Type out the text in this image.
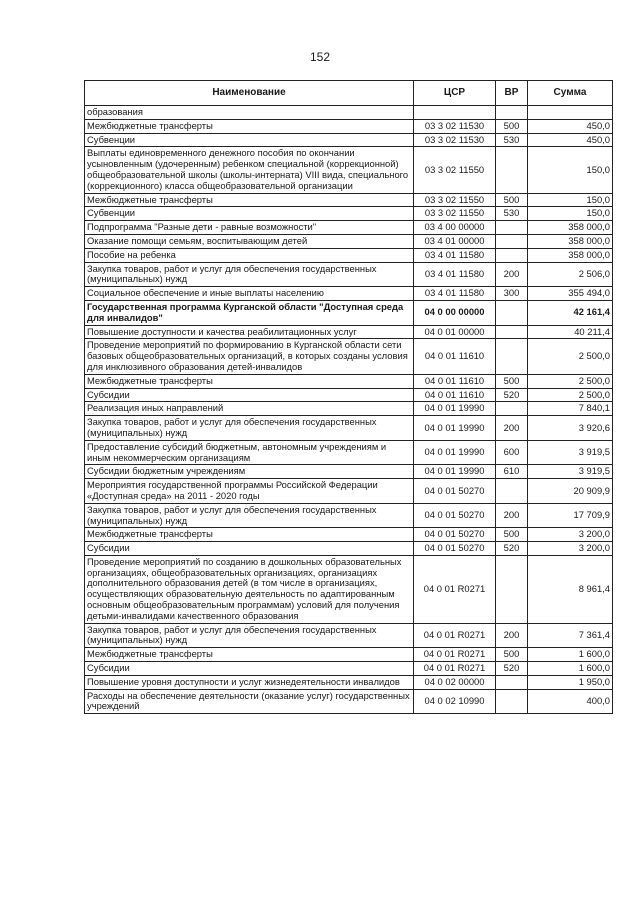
152
Наименование	ЦСР	ВР	Сумма
образования			
Межбюджетные трансферты	03 3 02 11530	500	450,0
Субвенции	03 3 02 11530	530	450,0
Выплаты единовременного денежного пособия по окончании усыновленным (удочеренным) ребенком специальной (коррекционной) общеобразовательной школы (школы-интерната) VIII вида, специального (коррекционного) класса общеобразовательной организации	03 3 02 11550		150,0
Межбюджетные трансферты	03 3 02 11550	500	150,0
Субвенции	03 3 02 11550	530	150,0
Подпрограмма "Разные дети - равные возможности"	03 4 00 00000		358 000,0
Оказание помощи семьям, воспитывающим детей	03 4 01 00000		358 000,0
Пособие на ребенка	03 4 01 11580		358 000,0
Закупка товаров, работ и услуг для обеспечения государственных (муниципальных) нужд	03 4 01 11580	200	2 506,0
Социальное обеспечение и иные выплаты населению	03 4 01 11580	300	355 494,0
Государственная программа Курганской области "Доступная среда для инвалидов"	04 0 00 00000		42 161,4
Повышение доступности и качества реабилитационных услуг	04 0 01 00000		40 211,4
Проведение мероприятий по формированию в Курганской области сети базовых общеобразовательных организаций, в которых созданы условия для инклюзивного образования детей-инвалидов	04 0 01 11610		2 500,0
Межбюджетные трансферты	04 0 01 11610	500	2 500,0
Субсидии	04 0 01 11610	520	2 500,0
Реализация иных направлений	04 0 01 19990		7 840,1
Закупка товаров, работ и услуг для обеспечения государственных (муниципальных) нужд	04 0 01 19990	200	3 920,6
Предоставление субсидий бюджетным, автономным учреждениям и иным некоммерческим организациям	04 0 01 19990	600	3 919,5
Субсидии бюджетным учреждениям	04 0 01 19990	610	3 919,5
Мероприятия государственной программы Российской Федерации «Доступная среда» на 2011 - 2020 годы	04 0 01 50270		20 909,9
Закупка товаров, работ и услуг для обеспечения государственных (муниципальных) нужд	04 0 01 50270	200	17 709,9
Межбюджетные трансферты	04 0 01 50270	500	3 200,0
Субсидии	04 0 01 50270	520	3 200,0
Проведение мероприятий по созданию в дошкольных образовательных организациях, общеобразовательных организациях, организациях дополнительного образования детей (в том числе в организациях, осуществляющих образовательную деятельность по адаптированным основным общеобразовательным программам) условий для получения детьми-инвалидами качественного образования	04 0 01 R0271		8 961,4
Закупка товаров, работ и услуг для обеспечения государственных (муниципальных) нужд	04 0 01 R0271	200	7 361,4
Межбюджетные трансферты	04 0 01 R0271	500	1 600,0
Субсидии	04 0 01 R0271	520	1 600,0
Повышение уровня доступности и услуг жизнедеятельности инвалидов	04 0 02 00000		1 950,0
Расходы на обеспечение деятельности (оказание услуг) государственных учреждений	04 0 02 10990		400,0
